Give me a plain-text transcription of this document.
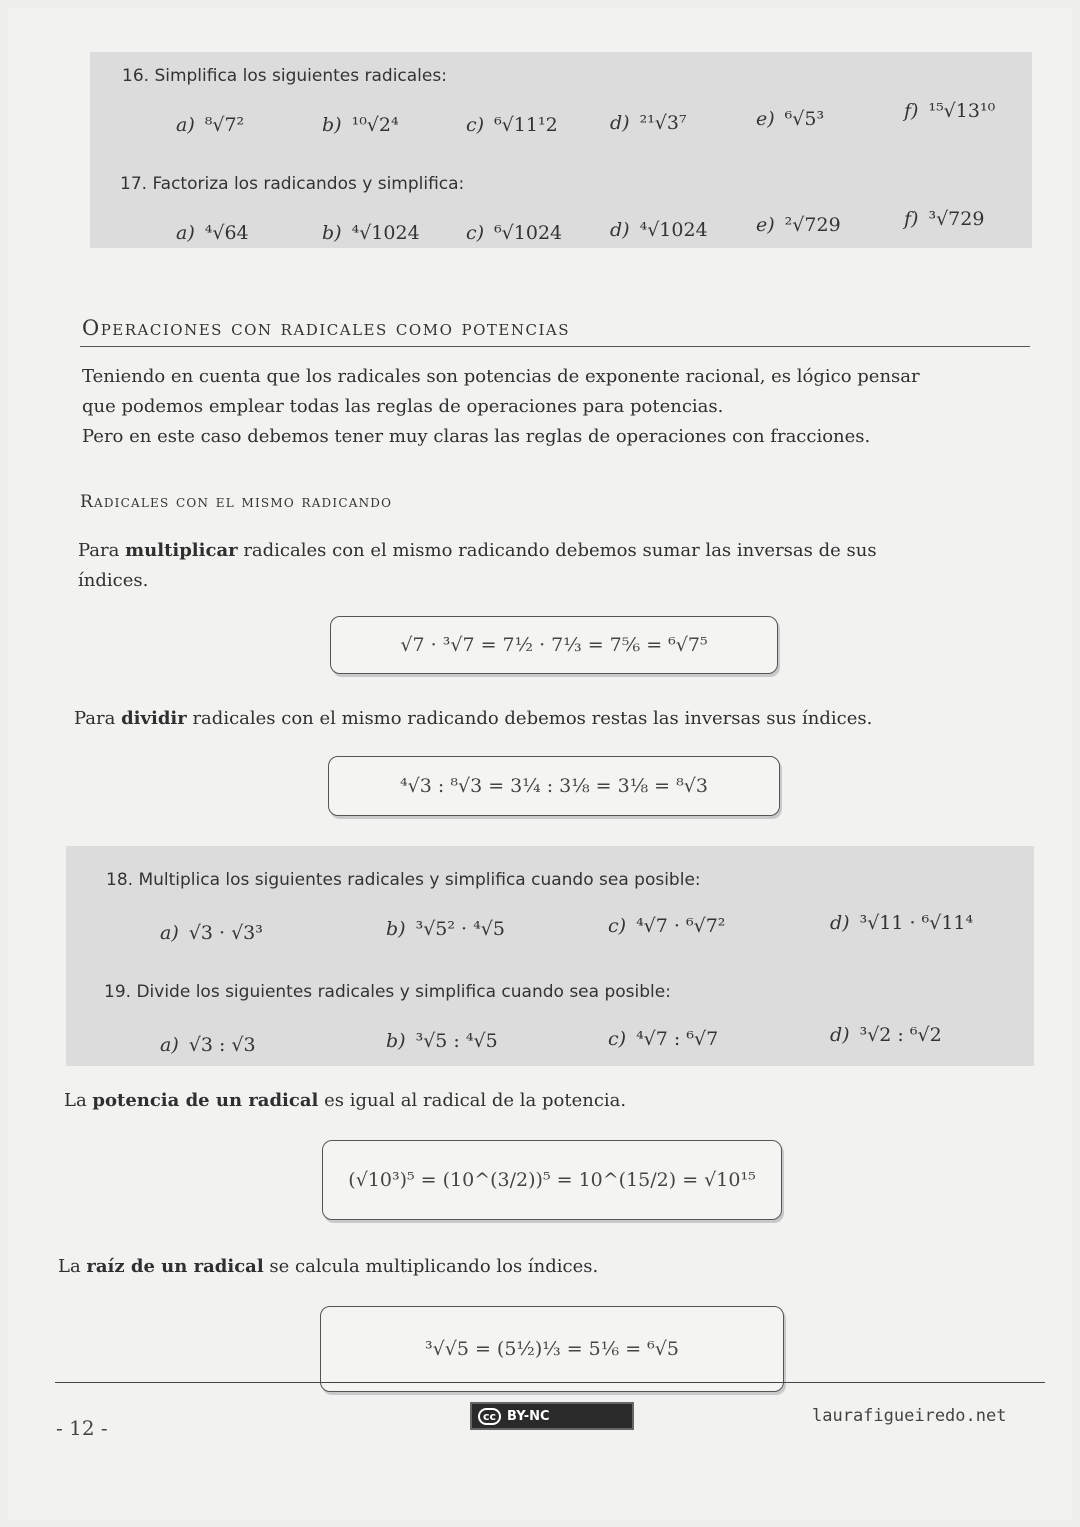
16. Simplifica los siguientes radicales:
a) ⁸√7²	b) ¹⁰√2⁴	c) ⁶√11¹2	d) ²¹√3⁷	e) ⁶√5³	f) ¹⁵√13¹⁰
17. Factoriza los radicandos y simplifica:
a) ⁴√64	b) ⁴√1024 c) ⁶√1024	d) ⁴√1024	e) ²√729	f) ³√729
Operaciones con radicales como potencias
Teniendo en cuenta que los radicales son potencias de exponente racional, es lógico pensar
que podemos emplear todas las reglas de operaciones para potencias.
Pero en este caso debemos tener muy claras las reglas de operaciones con fracciones.
Radicales con el mismo radicando
Para multiplicar radicales con el mismo radicando debemos sumar las inversas de sus
índices.
√7 · ³√7 = 7½ · 7⅓ = 7⅚ = ⁶√7⁵
Para dividir radicales con el mismo radicando debemos restas las inversas sus índices.
⁴√3 : ⁸√3 = 3¼ : 3⅛ = 3⅛ = ⁸√3
18. Multiplica los siguientes radicales y simplifica cuando sea posible:
a) √3 · √3³	b) ³√5² · ⁴√5	c) ⁴√7 · ⁶√7²	d) ³√11 · ⁶√11⁴
19. Divide los siguientes radicales y simplifica cuando sea posible:
a) √3 : √3	b) ³√5 : ⁴√5	c) ⁴√7 : ⁶√7	d) ³√2 : ⁶√2
La potencia de un radical es igual al radical de la potencia.
(√10³)⁵ = (10^(3/2))⁵ = 10^(15/2) = √10¹⁵
La raíz de un radical se calcula multiplicando los índices.
³√√5 = (5½)⅓ = 5⅙ = ⁶√5
- 12 -	cc BY-NC	laurafigueiredo.net
